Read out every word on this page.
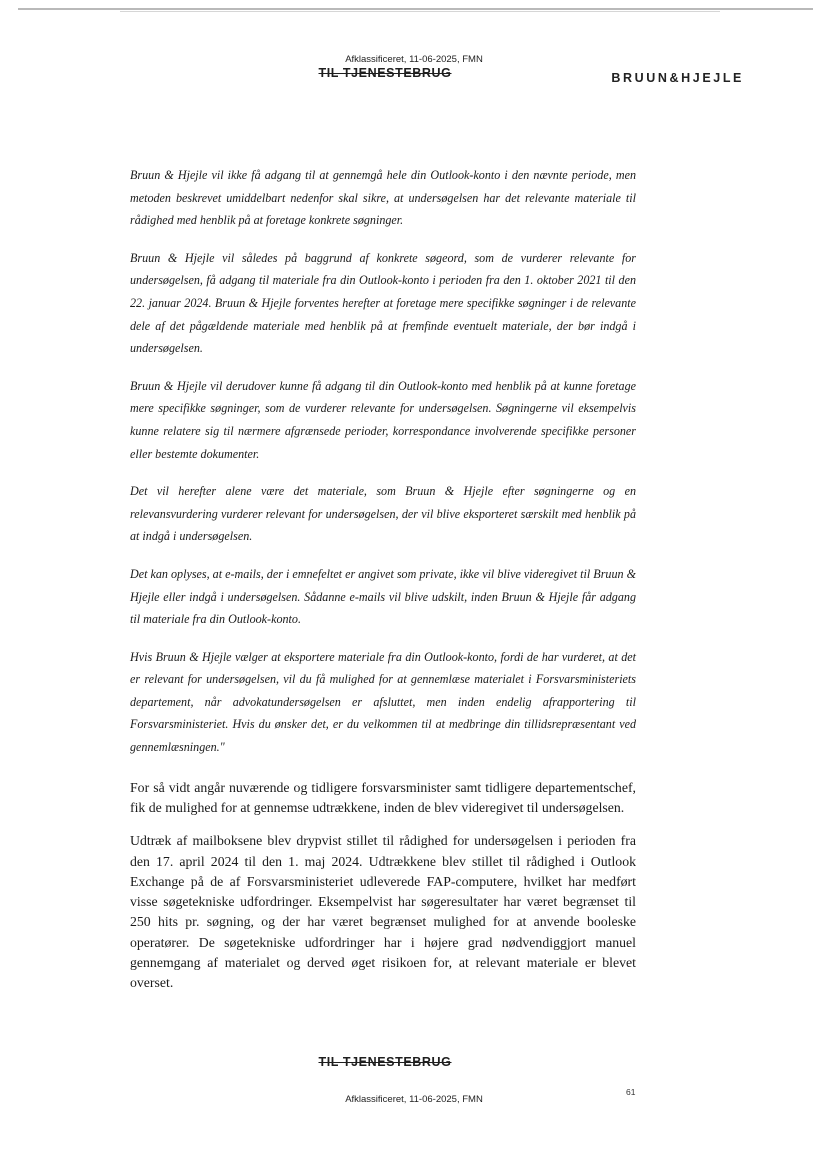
Afklassificeret, 11-06-2025, FMN
TIL TJENESTEBRUG	BRUUN&HJEJLE

Bruun & Hjejle vil ikke få adgang til at gennemgå hele din Outlook-konto i den nævnte periode, men metoden beskrevet umiddelbart nedenfor skal sikre, at undersøgelsen har det relevante materiale til rådighed med henblik på at foretage konkrete søgninger.

Bruun & Hjejle vil således på baggrund af konkrete søgeord, som de vurderer relevante for undersøgelsen, få adgang til materiale fra din Outlook-konto i perioden fra den 1. oktober 2021 til den 22. januar 2024. Bruun & Hjejle forventes herefter at foretage mere specifikke søgninger i de relevante dele af det pågældende materiale med henblik på at fremfinde eventuelt materiale, der bør indgå i undersøgelsen.

Bruun & Hjejle vil derudover kunne få adgang til din Outlook-konto med henblik på at kunne foretage mere specifikke søgninger, som de vurderer relevante for undersøgelsen. Søgningerne vil eksempelvis kunne relatere sig til nærmere afgrænsede perioder, korrespondance involverende specifikke personer eller bestemte dokumenter.

Det vil herefter alene være det materiale, som Bruun & Hjejle efter søgningerne og en relevansvurdering vurderer relevant for undersøgelsen, der vil blive eksporteret særskilt med henblik på at indgå i undersøgelsen.

Det kan oplyses, at e-mails, der i emnefeltet er angivet som private, ikke vil blive videregivet til Bruun & Hjejle eller indgå i undersøgelsen. Sådanne e-mails vil blive udskilt, inden Bruun & Hjejle får adgang til materiale fra din Outlook-konto.

Hvis Bruun & Hjejle vælger at eksportere materiale fra din Outlook-konto, fordi de har vurderet, at det er relevant for undersøgelsen, vil du få mulighed for at gennemlæse materialet i Forsvarsministeriets departement, når advokatundersøgelsen er afsluttet, men inden endelig afrapportering til Forsvarsministeriet. Hvis du ønsker det, er du velkommen til at medbringe din tillidsrepræsentant ved gennemlæsningen."

For så vidt angår nuværende og tidligere forsvarsminister samt tidligere departementschef, fik de mulighed for at gennemse udtrækkene, inden de blev videregivet til undersøgelsen.

Udtræk af mailboksene blev drypvist stillet til rådighed for undersøgelsen i perioden fra den 17. april 2024 til den 1. maj 2024. Udtrækkene blev stillet til rådighed i Outlook Exchange på de af Forsvarsministeriet udleverede FAP-computere, hvilket har medført visse søgetekniske udfordringer. Eksempelvist har søgeresultater har været begrænset til 250 hits pr. søgning, og der har været begrænset mulighed for at anvende booleske operatører. De søgetekniske udfordringer har i højere grad nødvendiggjort manuel gennemgang af materialet og derved øget risikoen for, at relevant materiale er blevet overset.

TIL TJENESTEBRUG
61
Afklassificeret, 11-06-2025, FMN
